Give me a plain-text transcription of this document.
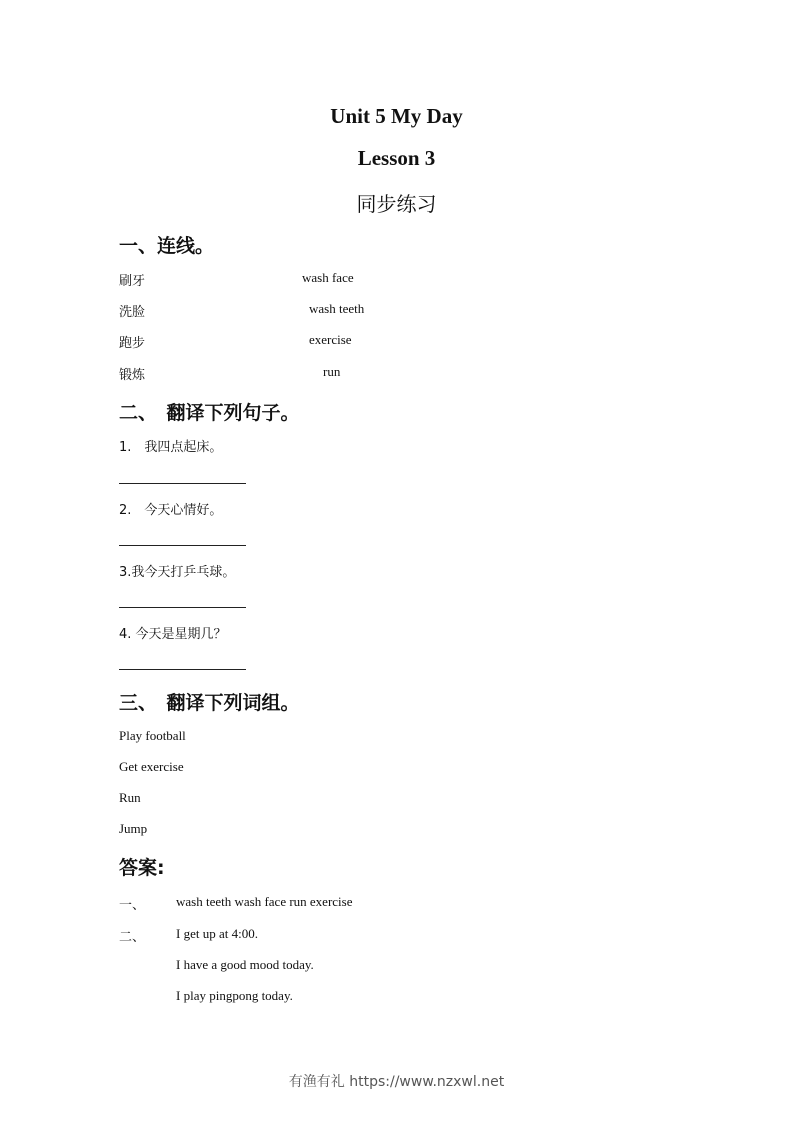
Unit 5 My Day
Lesson 3
同步练习
一、连线。
刷牙
洗脸
跑步
锻炼
wash face
wash teeth
exercise
run
二、　翻译下列句子。
1.　我四点起床。
2.　今天心情好。
3.我今天打乒乓球。
4. 今天是星期几？
三、　翻译下列词组。
Play football
Get exercise
Run
Jump
答案:
一、 wash teeth wash face run exercise
二、 I get up at 4:00.
I have a good mood today.
I play pingpong today.
有渔有礼 https://www.nzxwl.net
